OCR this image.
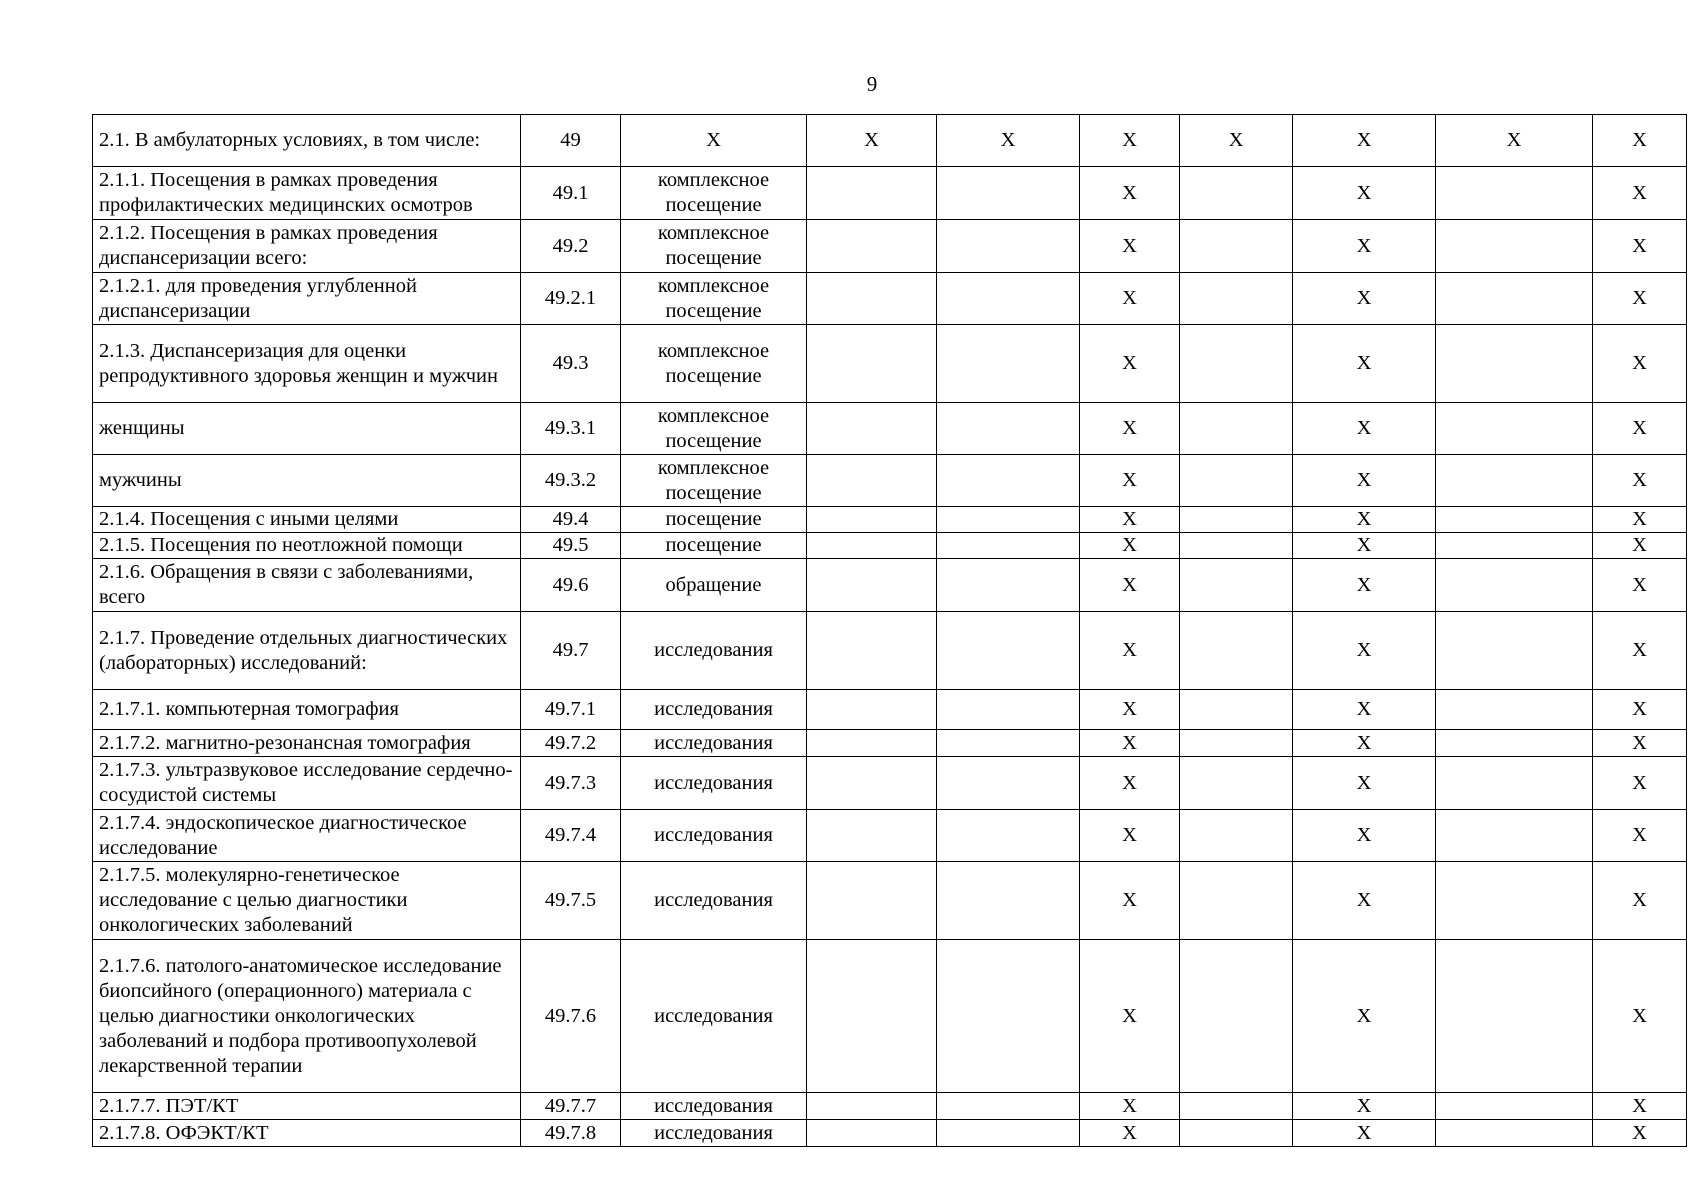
9
2.1. В амбулаторных условиях, в том числе:	49	Х	Х	Х	Х	Х	Х	Х	Х
2.1.1. Посещения в рамках проведения профилактических медицинских осмотров	49.1	комплексное посещение			Х		Х		Х
2.1.2. Посещения в рамках проведения диспансеризации всего:	49.2	комплексное посещение			Х		Х		Х
2.1.2.1. для проведения углубленной диспансеризации	49.2.1	комплексное посещение			Х		Х		Х
2.1.3. Диспансеризация для оценки репродуктивного здоровья женщин и мужчин	49.3	комплексное посещение			Х		Х		Х
женщины	49.3.1	комплексное посещение			Х		Х		Х
мужчины	49.3.2	комплексное посещение			Х		Х		Х
2.1.4. Посещения с иными целями	49.4	посещение			Х		Х		Х
2.1.5. Посещения по неотложной помощи	49.5	посещение			Х		Х		Х
2.1.6. Обращения в связи с заболеваниями, всего	49.6	обращение			Х		Х		Х
2.1.7. Проведение отдельных диагностических (лабораторных) исследований:	49.7	исследования			Х		Х		Х
2.1.7.1. компьютерная томография	49.7.1	исследования			Х		Х		Х
2.1.7.2. магнитно-резонансная томография	49.7.2	исследования			Х		Х		Х
2.1.7.3. ультразвуковое исследование сердечно-сосудистой системы	49.7.3	исследования			Х		Х		Х
2.1.7.4. эндоскопическое диагностическое исследование	49.7.4	исследования			Х		Х		Х
2.1.7.5. молекулярно-генетическое исследование с целью диагностики онкологических заболеваний	49.7.5	исследования			Х		Х		Х
2.1.7.6. патолого-анатомическое исследование биопсийного (операционного) материала с целью диагностики онкологических заболеваний и подбора противоопухолевой лекарственной терапии	49.7.6	исследования			Х		Х		Х
2.1.7.7. ПЭТ/КТ	49.7.7	исследования			Х		Х		Х
2.1.7.8. ОФЭКТ/КТ	49.7.8	исследования			Х		Х		Х
